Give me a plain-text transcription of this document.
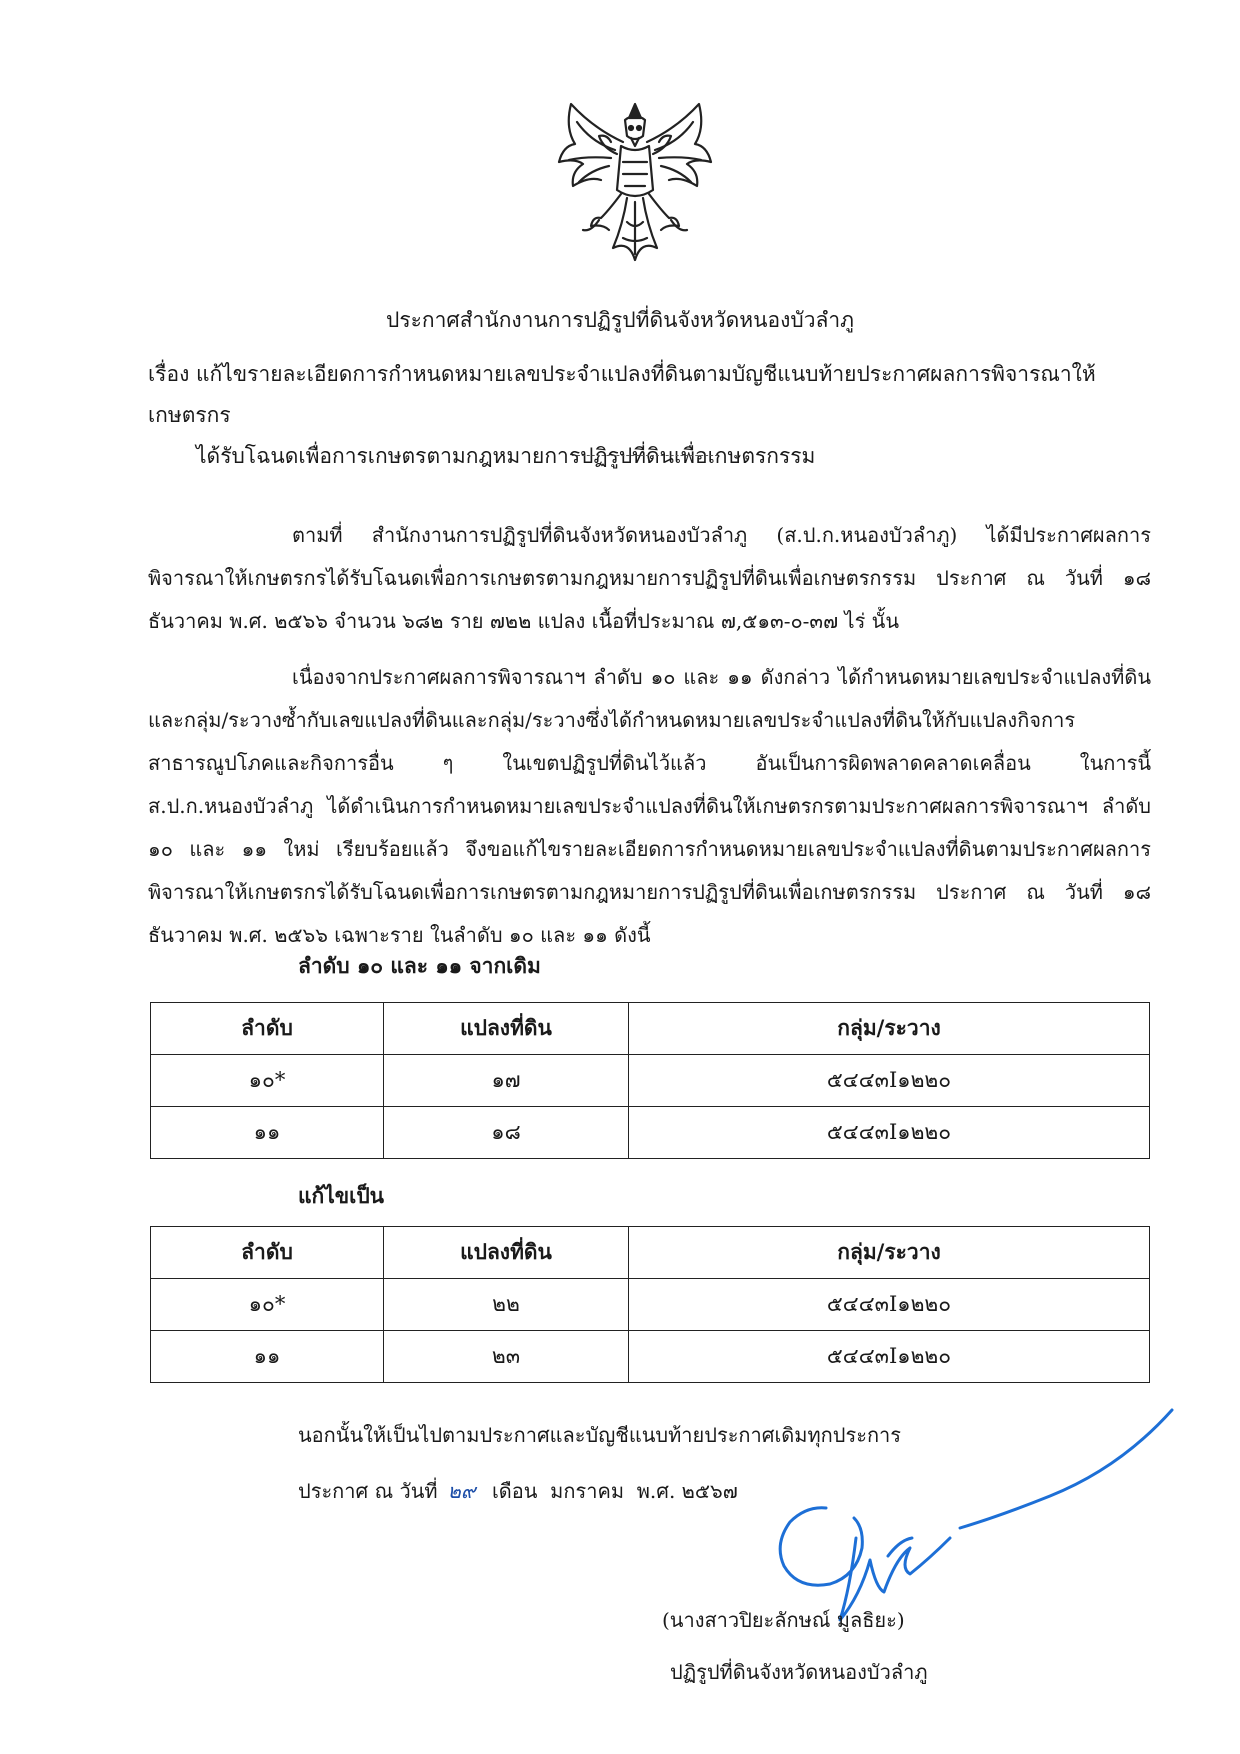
ประกาศสำนักงานการปฏิรูปที่ดินจังหวัดหนองบัวลำภู
เรื่อง แก้ไขรายละเอียดการกำหนดหมายเลขประจำแปลงที่ดินตามบัญชีแนบท้ายประกาศผลการพิจารณาให้เกษตรกร
ได้รับโฉนดเพื่อการเกษตรตามกฎหมายการปฏิรูปที่ดินเพื่อเกษตรกรรม

ตามที่ สำนักงานการปฏิรูปที่ดินจังหวัดหนองบัวลำภู (ส.ป.ก.หนองบัวลำภู) ได้มีประกาศผลการพิจารณาให้เกษตรกรได้รับโฉนดเพื่อการเกษตรตามกฎหมายการปฏิรูปที่ดินเพื่อเกษตรกรรม ประกาศ ณ วันที่ ๑๘ ธันวาคม พ.ศ. ๒๕๖๖ จำนวน ๖๘๒ ราย ๗๒๒ แปลง เนื้อที่ประมาณ ๗,๕๑๓-๐-๓๗ ไร่ นั้น

เนื่องจากประกาศผลการพิจารณาฯ ลำดับ ๑๐ และ ๑๑ ดังกล่าว ได้กำหนดหมายเลขประจำแปลงที่ดินและกลุ่ม/ระวางซ้ำกับเลขแปลงที่ดินและกลุ่ม/ระวางซึ่งได้กำหนดหมายเลขประจำแปลงที่ดินให้กับแปลงกิจการสาธารณูปโภคและกิจการอื่น ๆ ในเขตปฏิรูปที่ดินไว้แล้ว อันเป็นการผิดพลาดคลาดเคลื่อน ในการนี้ ส.ป.ก.หนองบัวลำภู ได้ดำเนินการกำหนดหมายเลขประจำแปลงที่ดินให้เกษตรกรตามประกาศผลการพิจารณาฯ ลำดับ ๑๐ และ ๑๑ ใหม่ เรียบร้อยแล้ว จึงขอแก้ไขรายละเอียดการกำหนดหมายเลขประจำแปลงที่ดินตามประกาศผลการพิจารณาให้เกษตรกรได้รับโฉนดเพื่อการเกษตรตามกฎหมายการปฏิรูปที่ดินเพื่อเกษตรกรรม ประกาศ ณ วันที่ ๑๘ ธันวาคม พ.ศ. ๒๕๖๖ เฉพาะราย ในลำดับ ๑๐ และ ๑๑ ดังนี้

ลำดับ ๑๐ และ ๑๑ จากเดิม
ลำดับ	แปลงที่ดิน	กลุ่ม/ระวาง
๑๐*	๑๗	๕๔๔๓I๑๒๒๐
๑๑	๑๘	๕๔๔๓I๑๒๒๐
แก้ไขเป็น
ลำดับ	แปลงที่ดิน	กลุ่ม/ระวาง
๑๐*	๒๒	๕๔๔๓I๑๒๒๐
๑๑	๒๓	๕๔๔๓I๑๒๒๐
นอกนั้นให้เป็นไปตามประกาศและบัญชีแนบท้ายประกาศเดิมทุกประการ
ประกาศ ณ วันที่ ๒๙ เดือน มกราคม พ.ศ. ๒๕๖๗
(นางสาวปิยะลักษณ์ มูลธิยะ)
ปฏิรูปที่ดินจังหวัดหนองบัวลำภู
